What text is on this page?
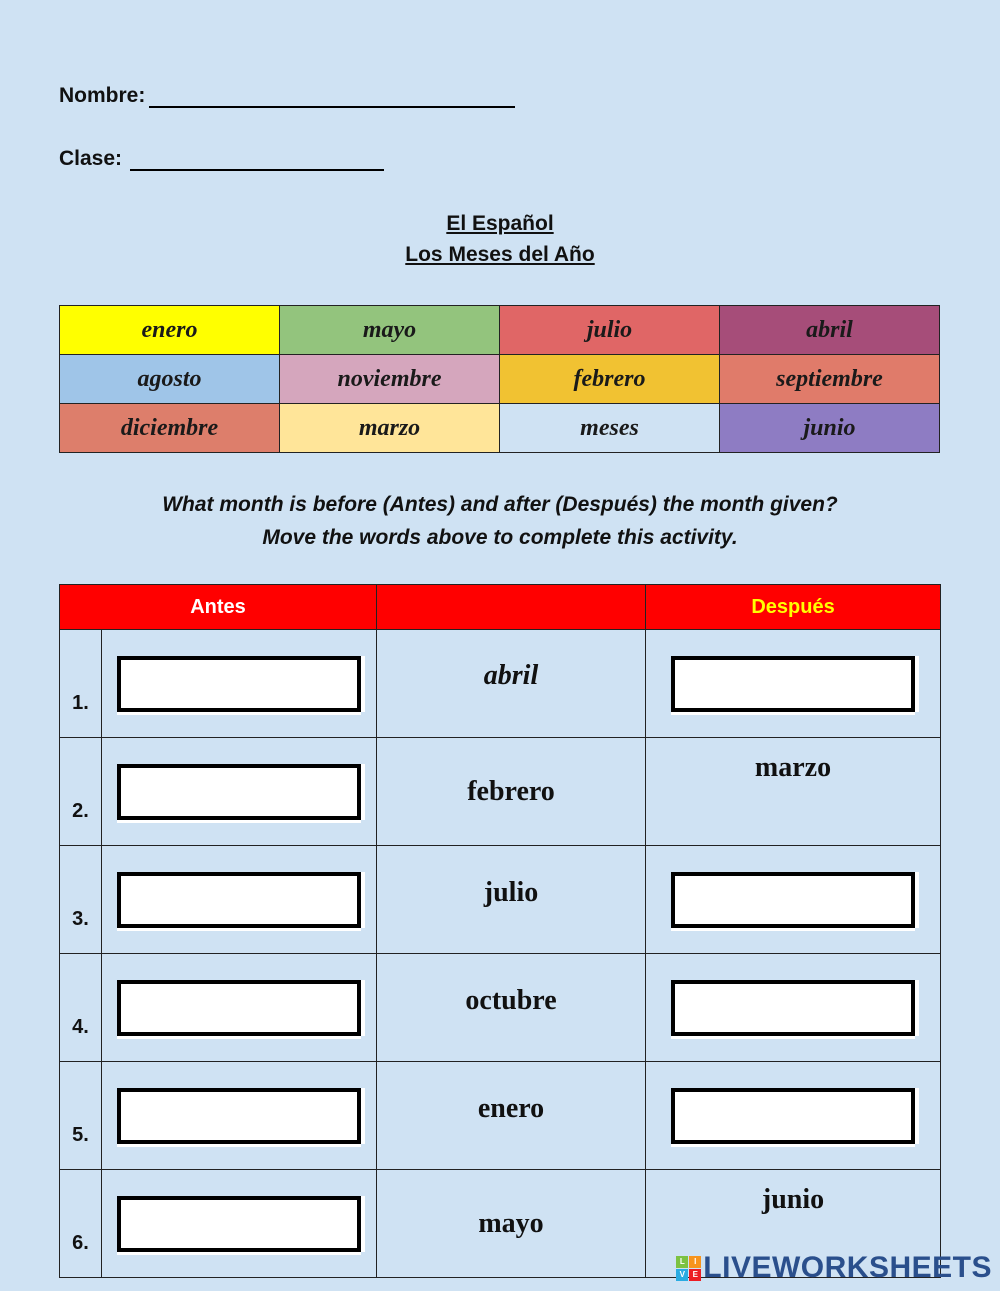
Nombre:
Clase:
El Español
Los Meses del Año
enero	mayo	julio	abril
agosto	noviembre	febrero	septiembre
diciembre	marzo	meses	junio
What month is before (Antes) and after (Después) the month given?
Move the words above to complete this activity.
Antes			Después
1.		abril	

2.		febrero	marzo
3.		julio	

4.		octubre	

5.		enero	

6.		mayo	junio
L	I
V E LIVEWORKSHEETS
